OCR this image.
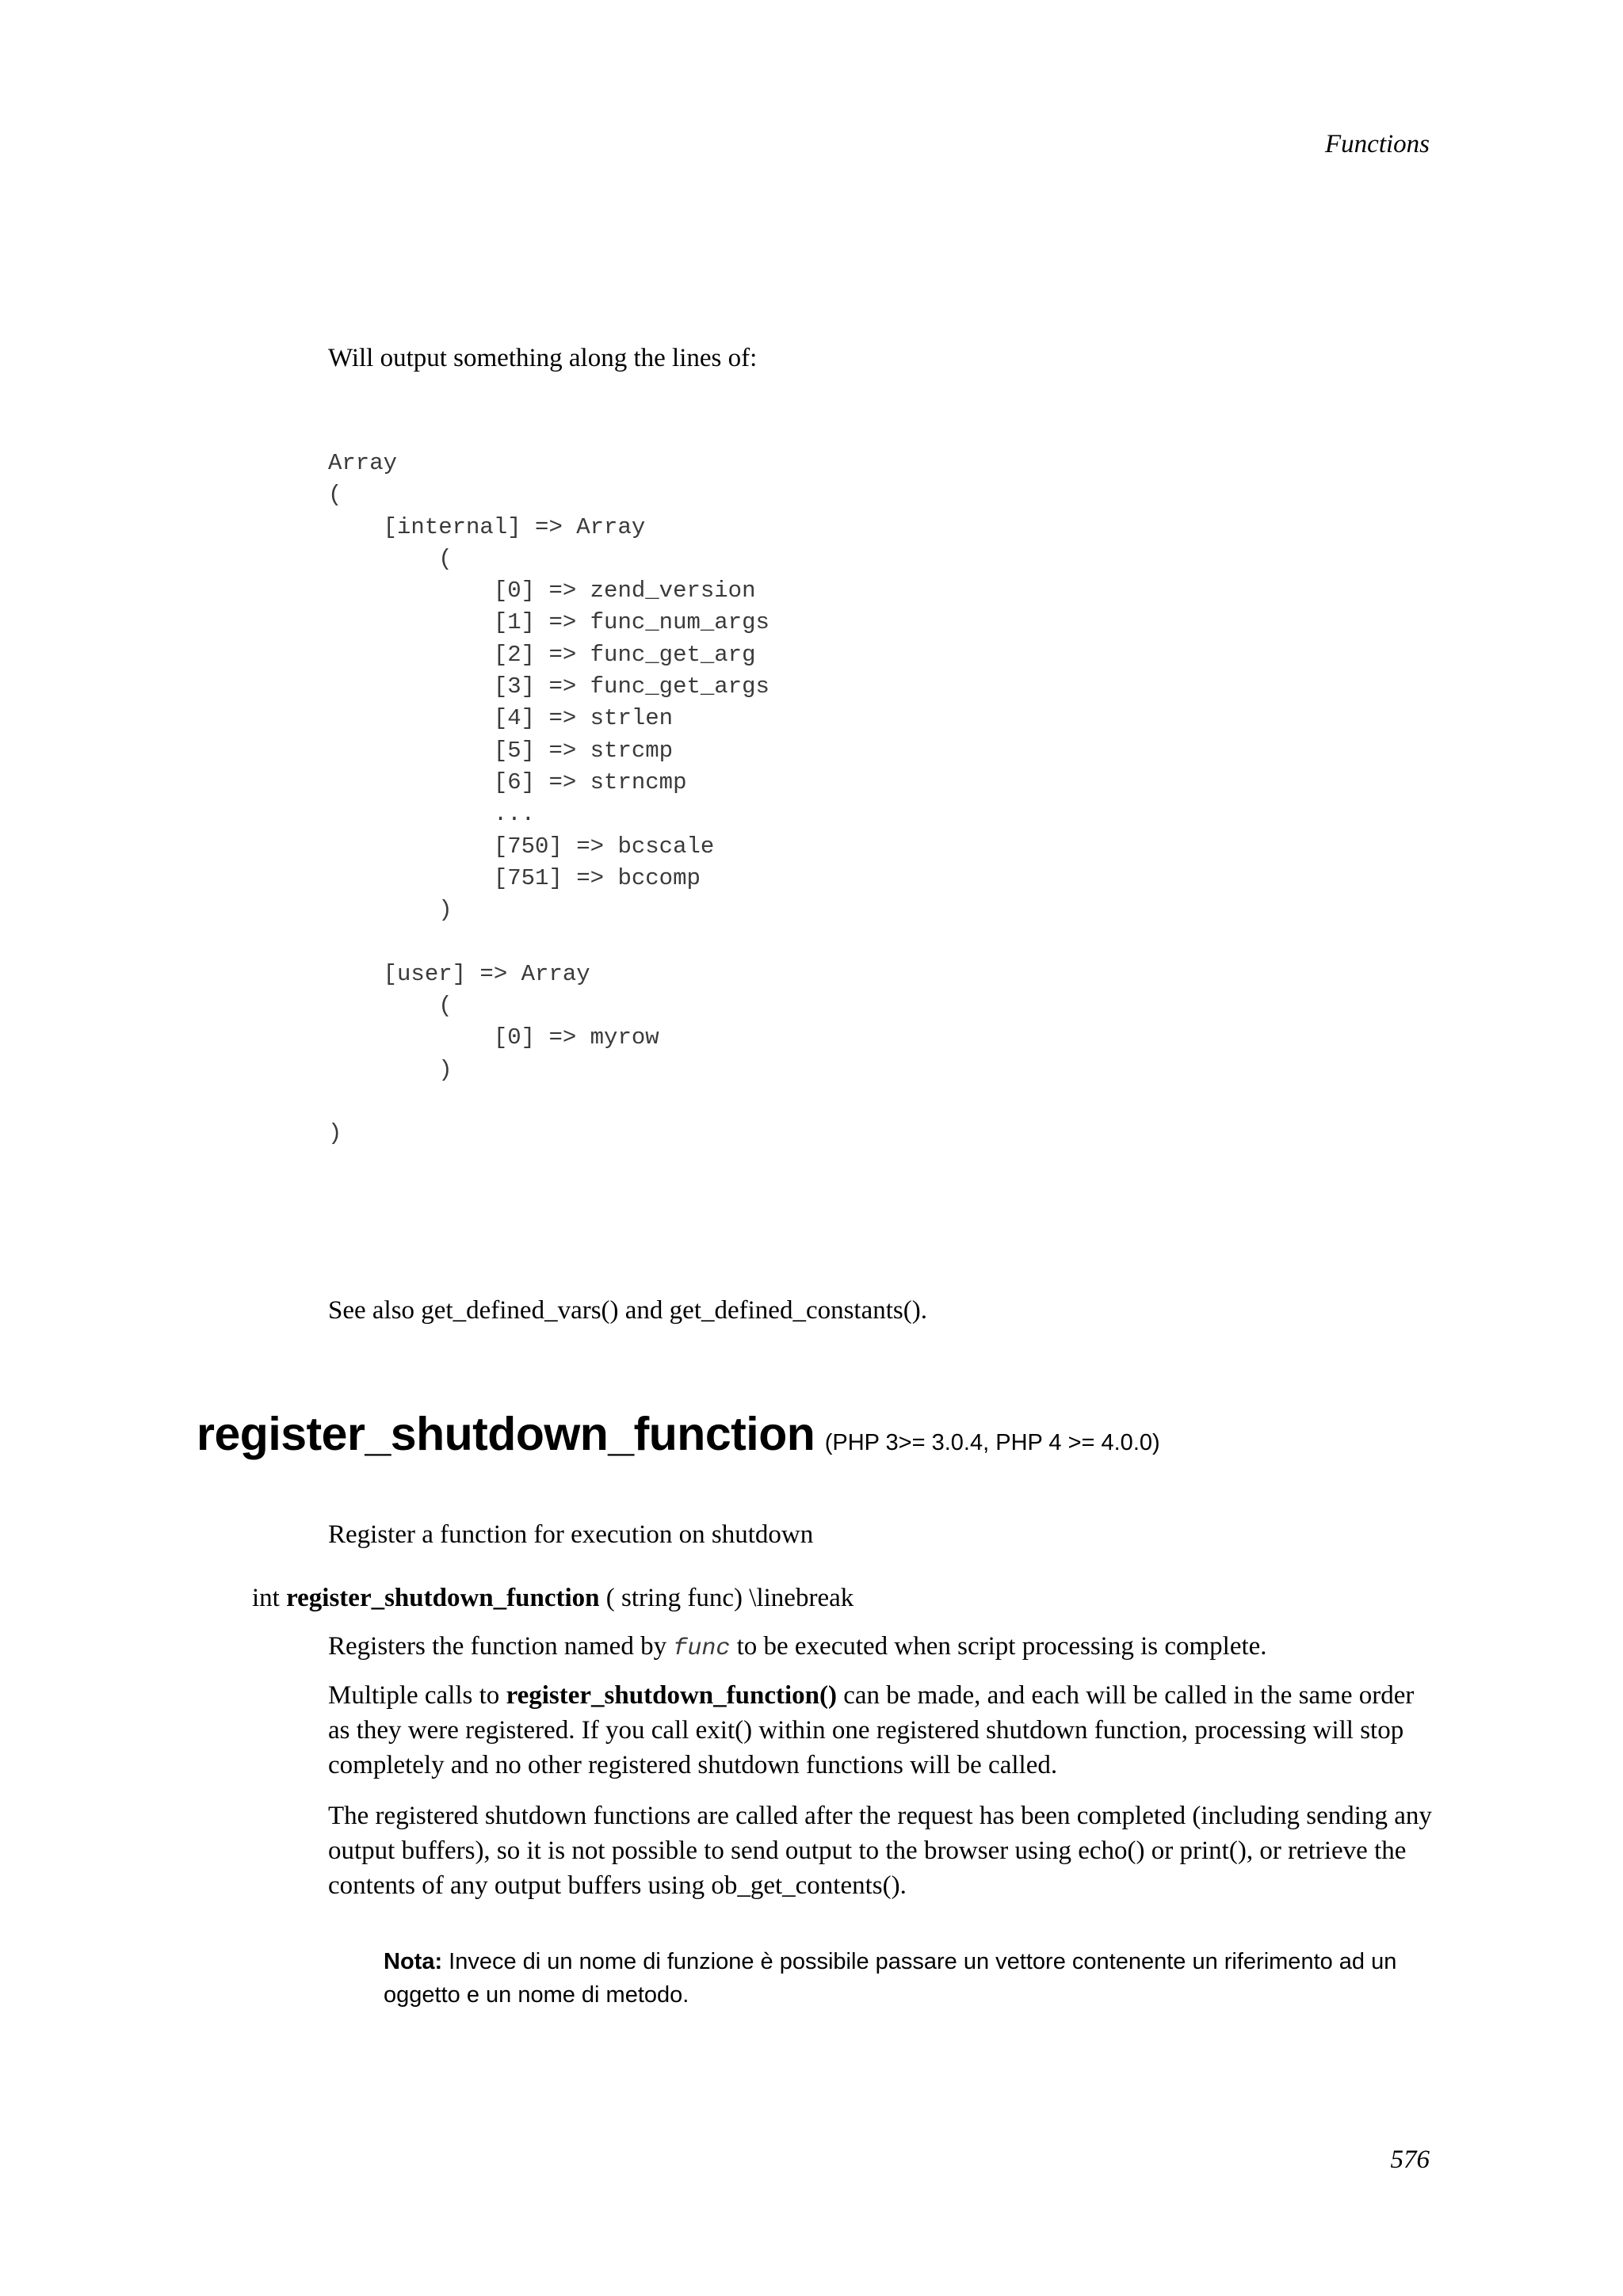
Functions

Will output something along the lines of:

Array
(
[internal] => Array
(
[0] => zend_version
[1] => func_num_args
[2] => func_get_arg
[3] => func_get_args
[4] => strlen
[5] => strcmp
[6] => strncmp
...
[750] => bcscale
[751] => bccomp
)

[user] => Array
(
[0] => myrow
)

)

See also get_defined_vars() and get_defined_constants().

register_shutdown_function (PHP 3>= 3.0.4, PHP 4 >= 4.0.0)

Register a function for execution on shutdown

int register_shutdown_function ( string func) \linebreak

Registers the function named by func to be executed when script processing is complete.

Multiple calls to register_shutdown_function() can be made, and each will be called in the same order as they were registered. If you call exit() within one registered shutdown function, processing will stop completely and no other registered shutdown functions will be called.

The registered shutdown functions are called after the request has been completed (including sending any output buffers), so it is not possible to send output to the browser using echo() or print(), or retrieve the contents of any output buffers using ob_get_contents().

Nota: Invece di un nome di funzione è possibile passare un vettore contenente un riferimento ad un oggetto e un nome di metodo.

576
